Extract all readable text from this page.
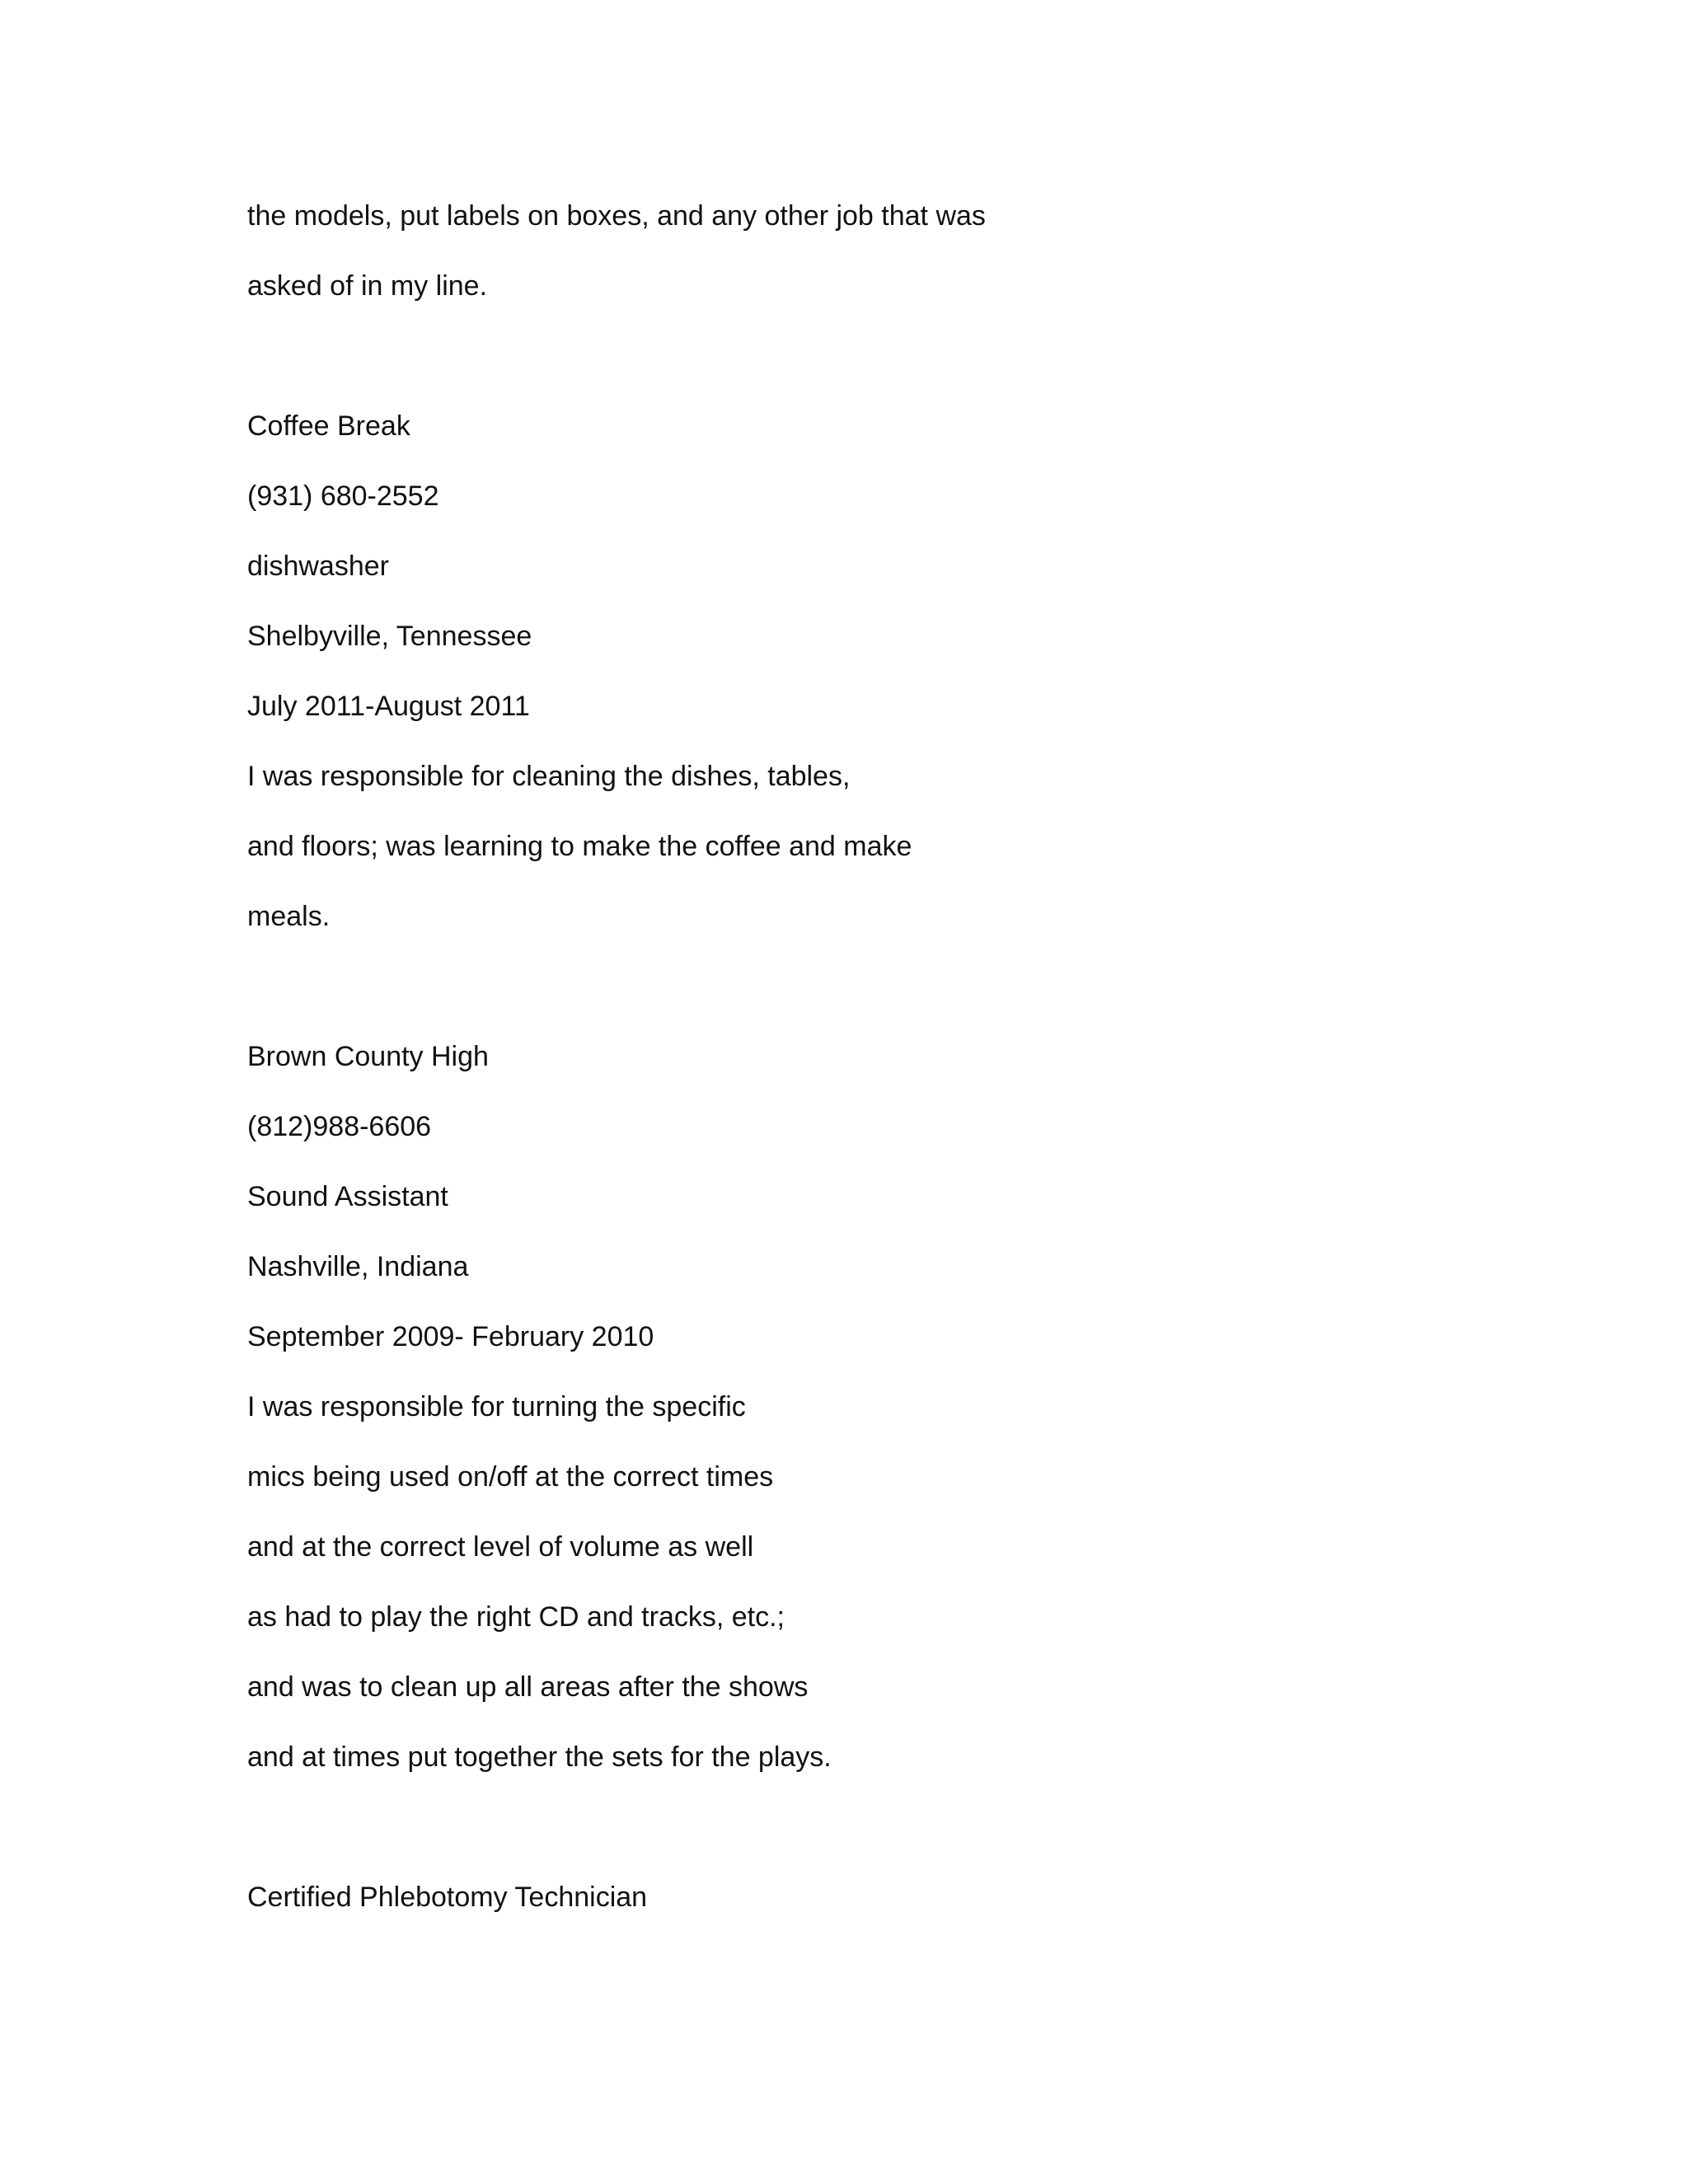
the models, put labels on boxes, and any other job that was
asked of in my line.
Coffee Break
(931) 680-2552
dishwasher
Shelbyville, Tennessee
July 2011-August 2011
I was responsible for cleaning the dishes, tables,
and floors; was learning to make the coffee and make
meals.
Brown County High
(812)988-6606
Sound Assistant
Nashville, Indiana
September 2009- February 2010
I was responsible for turning the specific
mics being used on/off at the correct times
and at the correct level of volume as well
as had to play the right CD and tracks, etc.;
and was to clean up all areas after the shows
and at times put together the sets for the plays.
Certified Phlebotomy Technician
